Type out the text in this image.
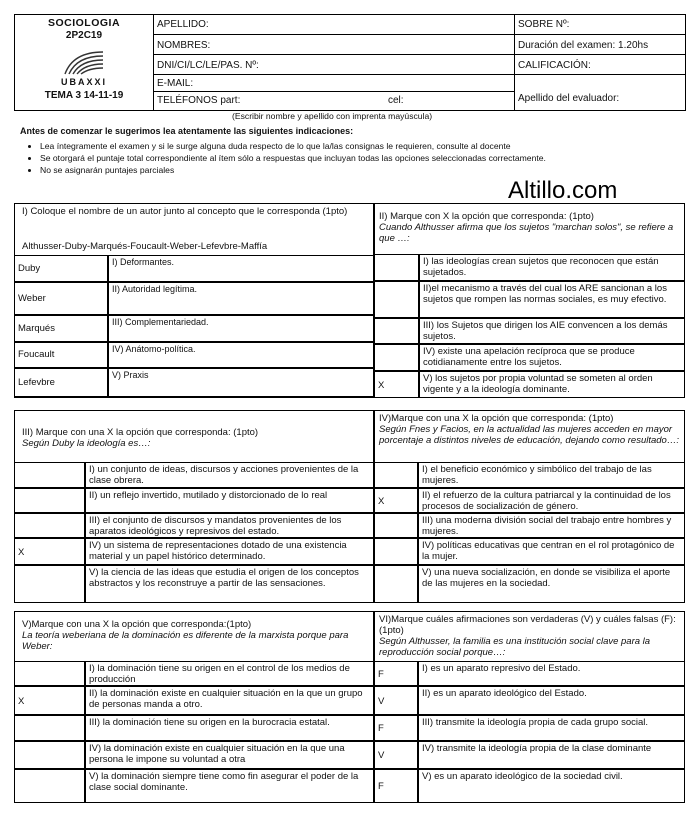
SOCIOLOGIA
2P2C19
UBAXXI
TEMA 3 14-11-19
APELLIDO:
NOMBRES:
DNI/CI/LC/LE/PAS. Nº:
E-MAIL:
TELÉFONOS part:	cel:
SOBRE Nº:
Duración del examen: 1.20hs
CALIFICACIÓN:
Apellido del evaluador:
(Escribir nombre y apellido con imprenta mayúscula)
Antes de comenzar le sugerimos lea atentamente las siguientes indicaciones:
• Lea íntegramente el examen y si le surge alguna duda respecto de lo que la/las consignas le requieren, consulte al docente
• Se otorgará el puntaje total correspondiente al ítem sólo a respuestas que incluyan todas las opciones seleccionadas correctamente.
• No se asignarán puntajes parciales
Altillo.com
I) Coloque el nombre de un autor junto al concepto que le corresponda (1pto)
Althusser-Duby-Marqués-Foucault-Weber-Lefevbre-Maffía
Duby
I) Deformantes.
Weber
II) Autoridad legítima.
Marqués
III) Complementariedad.
Foucault	IV) Anátomo-política.
Lefevbre
V) Praxis
II) Marque con X la opción que corresponda: (1pto)
Cuando Althusser afirma que los sujetos "marchan solos", se refiere a que …:
I) las ideologías crean sujetos que reconocen que están sujetados.
II)el mecanismo a través del cual los ARE sancionan a los sujetos que rompen las normas sociales, es muy efectivo.
III) los Sujetos que dirigen los AIE convencen a los demás sujetos.
IV) existe una apelación recíproca que se produce cotidianamente entre los sujetos.
X
V) los sujetos por propia voluntad se someten al orden vigente y a la ideología dominante.
III) Marque con una X la opción que corresponda: (1pto)
Según Duby la ideología es…:
I) un conjunto de ideas, discursos y acciones provenientes de la clase obrera.
II) un reflejo invertido, mutilado y distorcionado de lo real
III) el conjunto de discursos y mandatos provenientes de los aparatos ideológicos y represivos del estado.
X
IV) un sistema de representaciones dotado de una existencia material y un papel histórico determinado.
V) la ciencia de las ideas que estudia el origen de los conceptos abstractos y los reconstruye a partir de las sensaciones.
IV)Marque con una X la opción que corresponda: (1pto)
Según Fnes y Facios, en la actualidad las mujeres acceden en mayor porcentaje a distintos niveles de educación, dejando como resultado…:
I) el beneficio económico y simbólico del trabajo de las mujeres.
X
II) el refuerzo de la cultura patriarcal y la continuidad de los procesos de socialización de género.
III) una moderna división social del trabajo entre hombres y mujeres.
IV) políticas educativas que centran en el rol protagónico de la mujer.
V) una nueva socialización, en donde se visibiliza el aporte de las mujeres en la sociedad.
V)Marque con una X la opción que corresponda:(1pto)
La teoría weberiana de la dominación es diferente de la marxista porque para Weber:
I) la dominación tiene su origen en el control de los medios de producción
X
II) la dominación existe en cualquier situación en la que un grupo de personas manda a otro.
III) la dominación tiene su origen en la burocracia estatal.
IV) la dominación existe en cualquier situación en la que una persona le impone su voluntad a otra
V) la dominación siempre tiene como fin asegurar el poder de la clase social dominante.
VI)Marque cuáles afirmaciones son verdaderas (V) y cuáles falsas (F):(1pto)
Según Althusser, la familia es una institución social clave para la reproducción social porque…:
F
I) es un aparato represivo del Estado.
V
II) es un aparato ideológico del Estado.
F
III) transmite la ideología propia de cada grupo social.
V
IV) transmite la ideología propia de la clase dominante
F
V) es un aparato ideológico de la sociedad civil.
